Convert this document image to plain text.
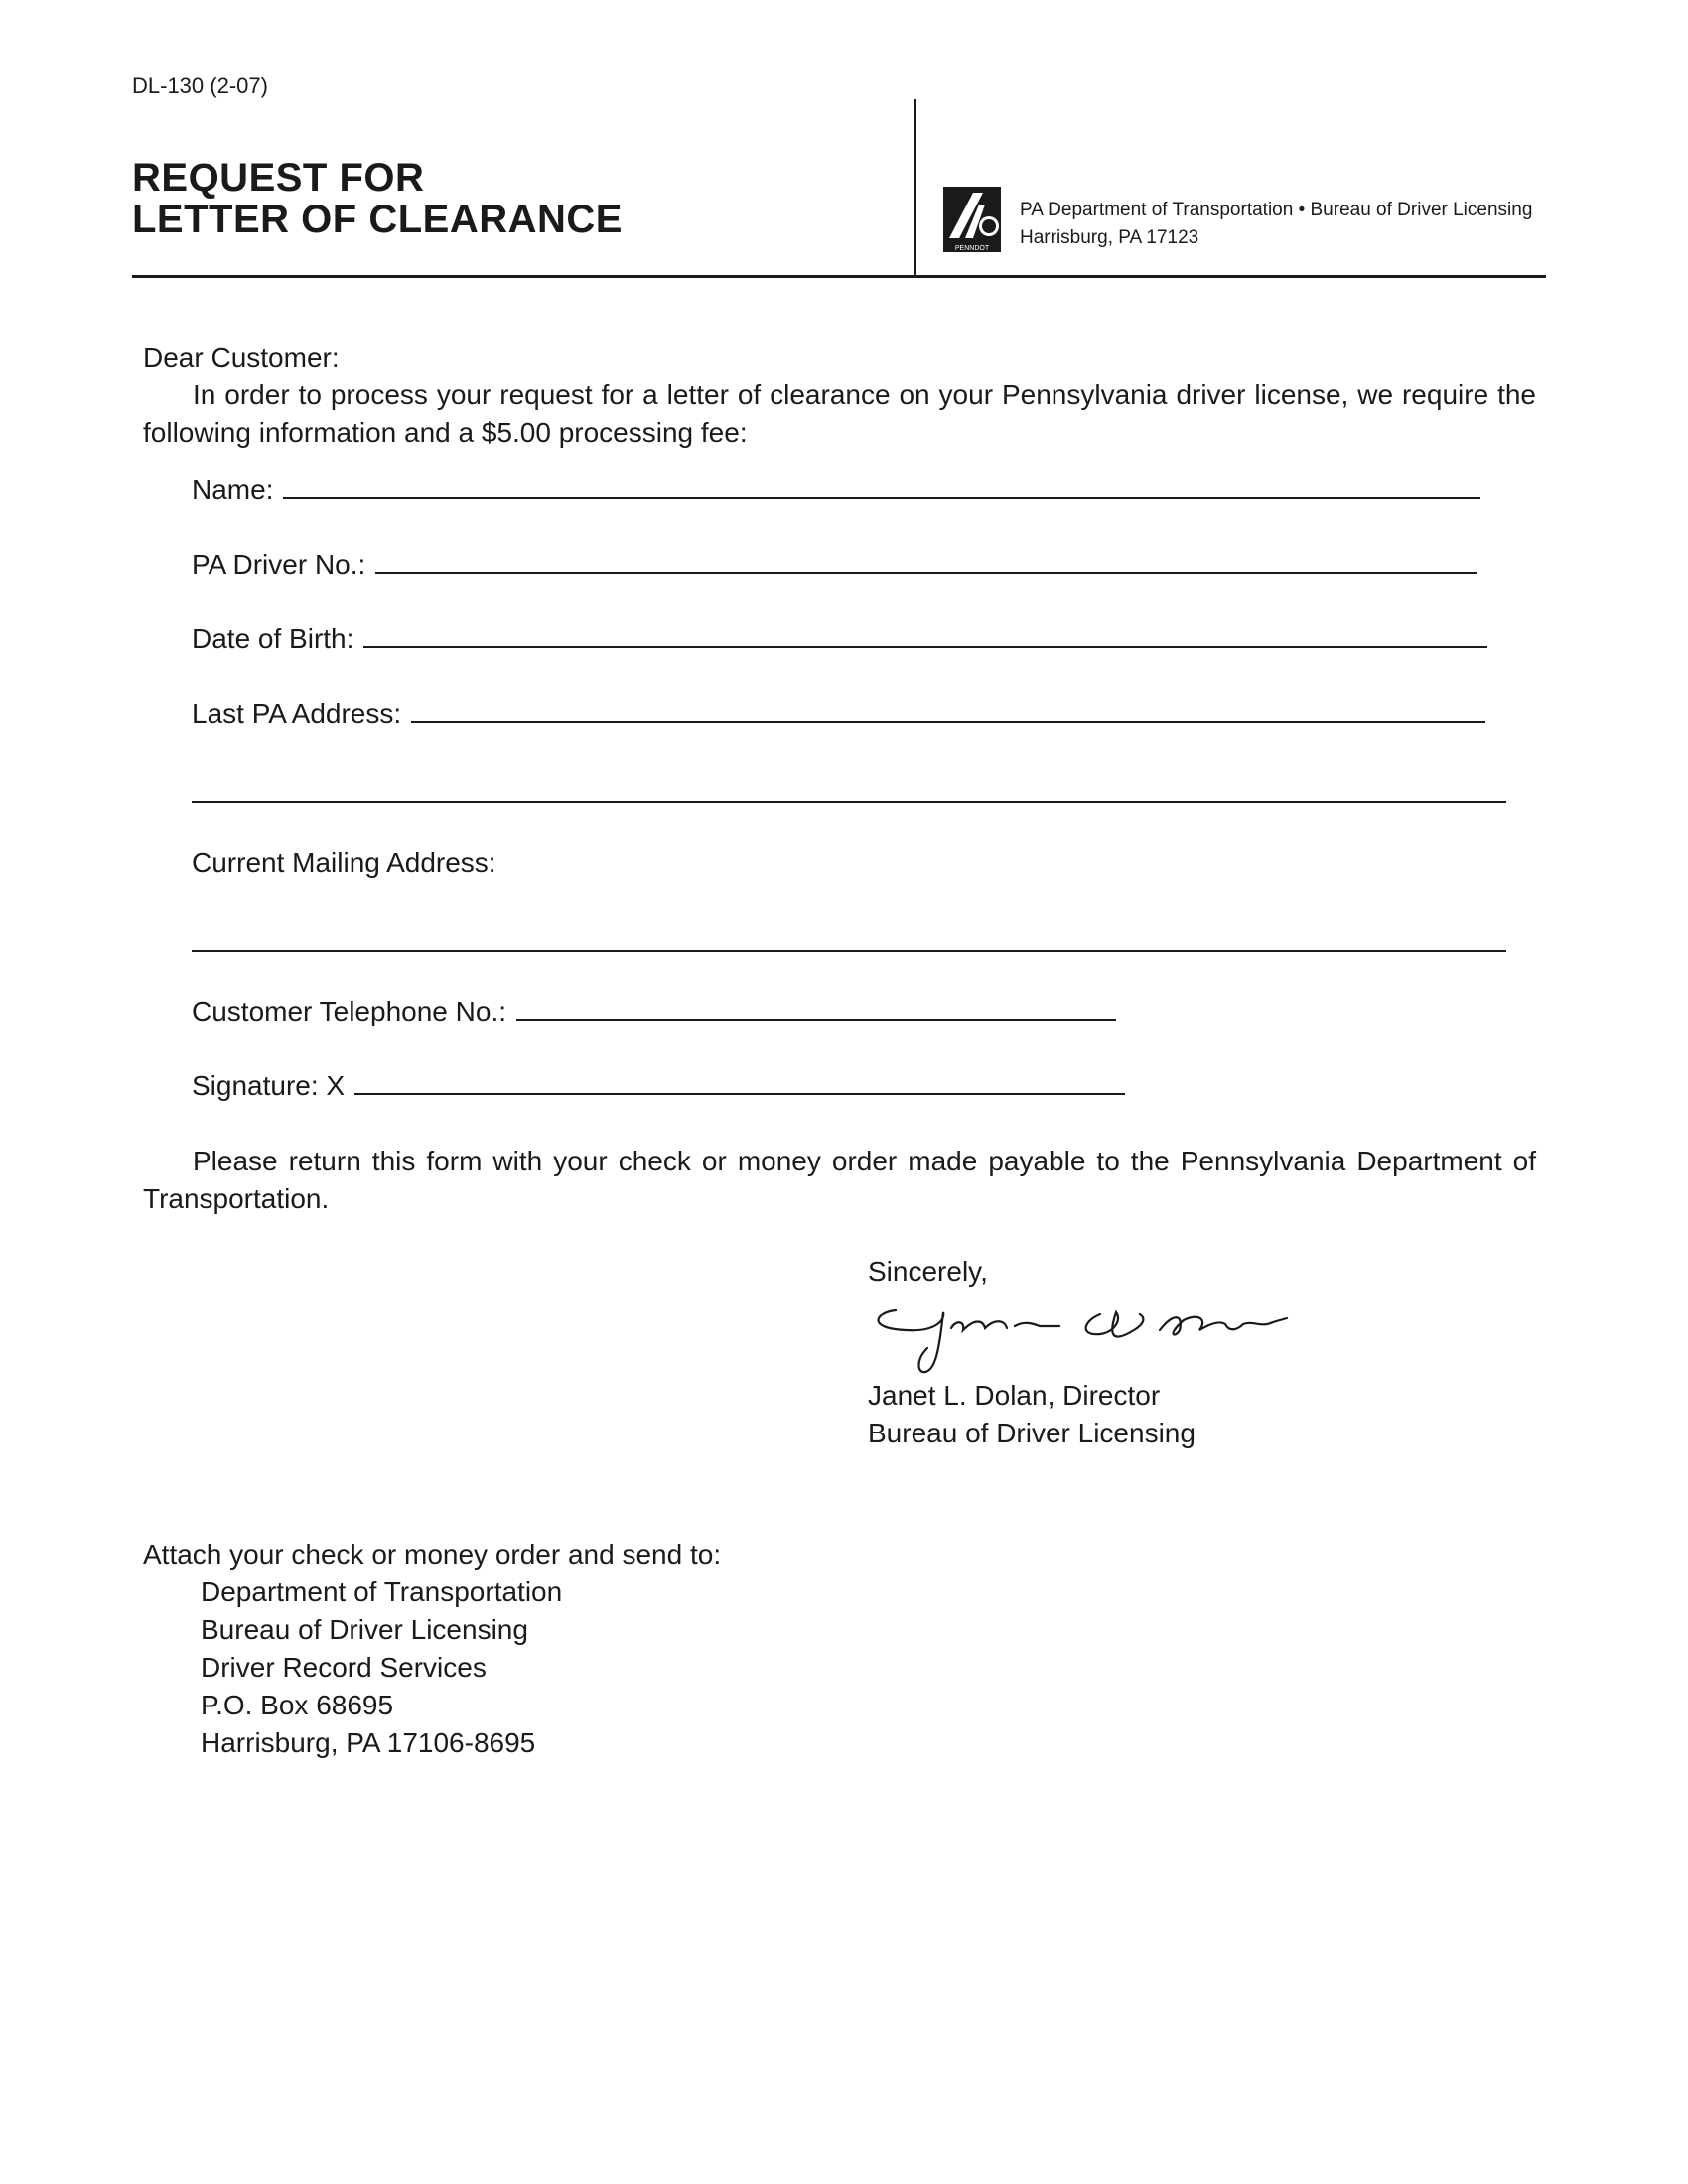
DL-130 (2-07)
REQUEST FOR
LETTER OF CLEARANCE
PENNDOT
PA Department of Transportation • Bureau of Driver Licensing
Harrisburg, PA 17123
Dear Customer:
In order to process your request for a letter of clearance on your Pennsylvania driver license, we require the following information and a $5.00 processing fee:
Name:
PA Driver No.:
Date of Birth:
Last PA Address:
Current Mailing Address:
Customer Telephone No.:
Signature: X
Please return this form with your check or money order made payable to the Pennsylvania Department of Transportation.
Sincerely,
Janet L. Dolan, Director
Bureau of Driver Licensing
Attach your check or money order and send to:
Department of Transportation
Bureau of Driver Licensing
Driver Record Services
P.O. Box 68695
Harrisburg, PA 17106-8695
